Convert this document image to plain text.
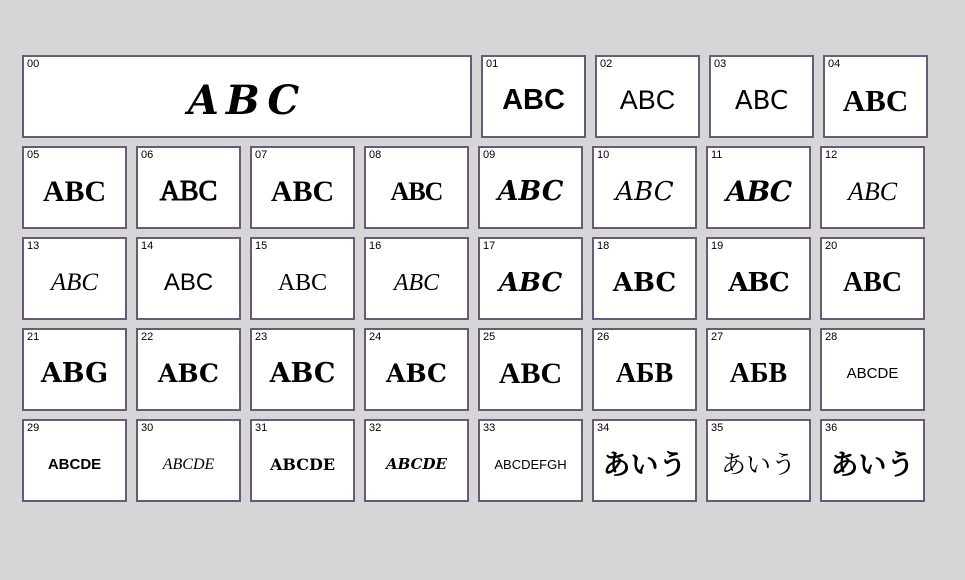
00
ABC
01
ABC
02
ABC
03
ABC
04
ABC
05
ABC
06
ABC
07
ABC
08
ABC
09
ABC
10
ABC
11
ABC
12
ABC
13
ABC
14
ABC
15
ABC
16
ABC
17
ABC
18
ABC
19
ABC
20
ABC
21
ABG
22
ABC
23
ABC
24
ABC
25
ABC
26
АБВ
27
АБВ
28
ABCDE
29
ABCDE
30
ABCDE
31
ABCDE
32
ABCDE
33
ABCDEFGH
34
あいう
35
あいう
36
あいう
